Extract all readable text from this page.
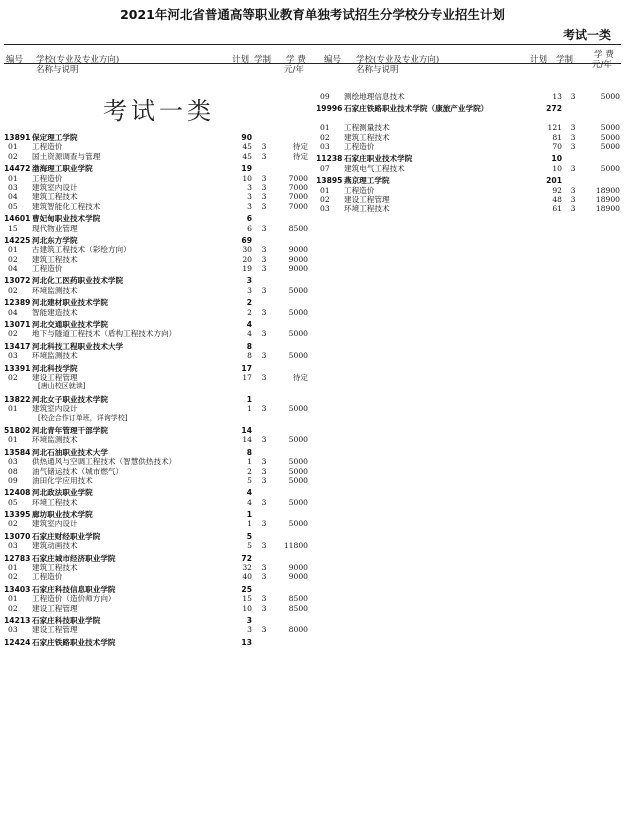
2021年河北省普通高等职业教育单独考试招生分学校分专业招生计划
考试一类
编号 学校(专业及专业方向)
名称与说明
计划 学制 学 费
元/年
考试一类
13891 保定理工学院	90
01 工程造价	45	3	待定
02 国土资源调查与管理	45	3	待定
14472 渤海理工职业学院	19
01 工程造价	10	3	7000
03 建筑室内设计	3	3	7000
04 建筑工程技术	3	3	7000
05 建筑智能化工程技术	3	3	7000
14601 曹妃甸职业技术学院	6
15 现代物业管理	6	3	8500
14225 河北东方学院	69
01 古建筑工程技术（彩绘方向）	30	3	9000
02 建筑工程技术	20	3	9000
04 工程造价	19	3	9000
13072 河北化工医药职业技术学院	3
02 环境监测技术	3	3	5000
12389 河北建材职业技术学院	2
04 智能建造技术	2	3	5000
13071 河北交通职业技术学院	4
02 地下与隧道工程技术（盾构工程技术方向）	4	3	5000
13417 河北科技工程职业技术大学	8
03 环境监测技术	8	3	5000
13391 河北科技学院	17
02 建设工程管理	17	3	待定
[唐山校区就读]
13822 河北女子职业技术学院	1
01 建筑室内设计	1	3	5000
[校企合作订单班，详询学校]
51802 河北青年管理干部学院	14
01 环境监测技术	14	3	5000
13584 河北石油职业技术大学	8
03 供热通风与空调工程技术（智慧供热技术）	1	3	5000
08 油气储运技术（城市燃气）	2	3	5000
09 油田化学应用技术	5	3	5000
12408 河北政法职业学院	4
05 环境工程技术	4	3	5000
13395 廊坊职业技术学院	1
02 建筑室内设计	1	3	5000
13070 石家庄财经职业学院	5
03 建筑动画技术	5	3	11800
12783 石家庄城市经济职业学院	72
01 建筑工程技术	32	3	9000
02 工程造价	40	3	9000
13403 石家庄科技信息职业学院	25
01 工程造价（造价师方向）	15	3	8500
02 建设工程管理	10	3	8500
14213 石家庄科技职业学院	3
03 建设工程管理	3	3	8000
12424 石家庄铁路职业技术学院	13
编号 学校(专业及专业方向)
名称与说明
计划 学制 学 费
元/年
09 测绘地理信息技术	13	3	5000
19996 石家庄铁路职业技术学院（康旅产业学院）	272
01 工程测量技术	121	3	5000
02 建筑工程技术	81	3	5000
03 工程造价	70	3	5000
11238 石家庄职业技术学院	10
07 建筑电气工程技术	10	3	5000
13895 燕京理工学院	201
01 工程造价	92	3	18900
02 建设工程管理	48	3	18900
03 环境工程技术	61	3	18900
